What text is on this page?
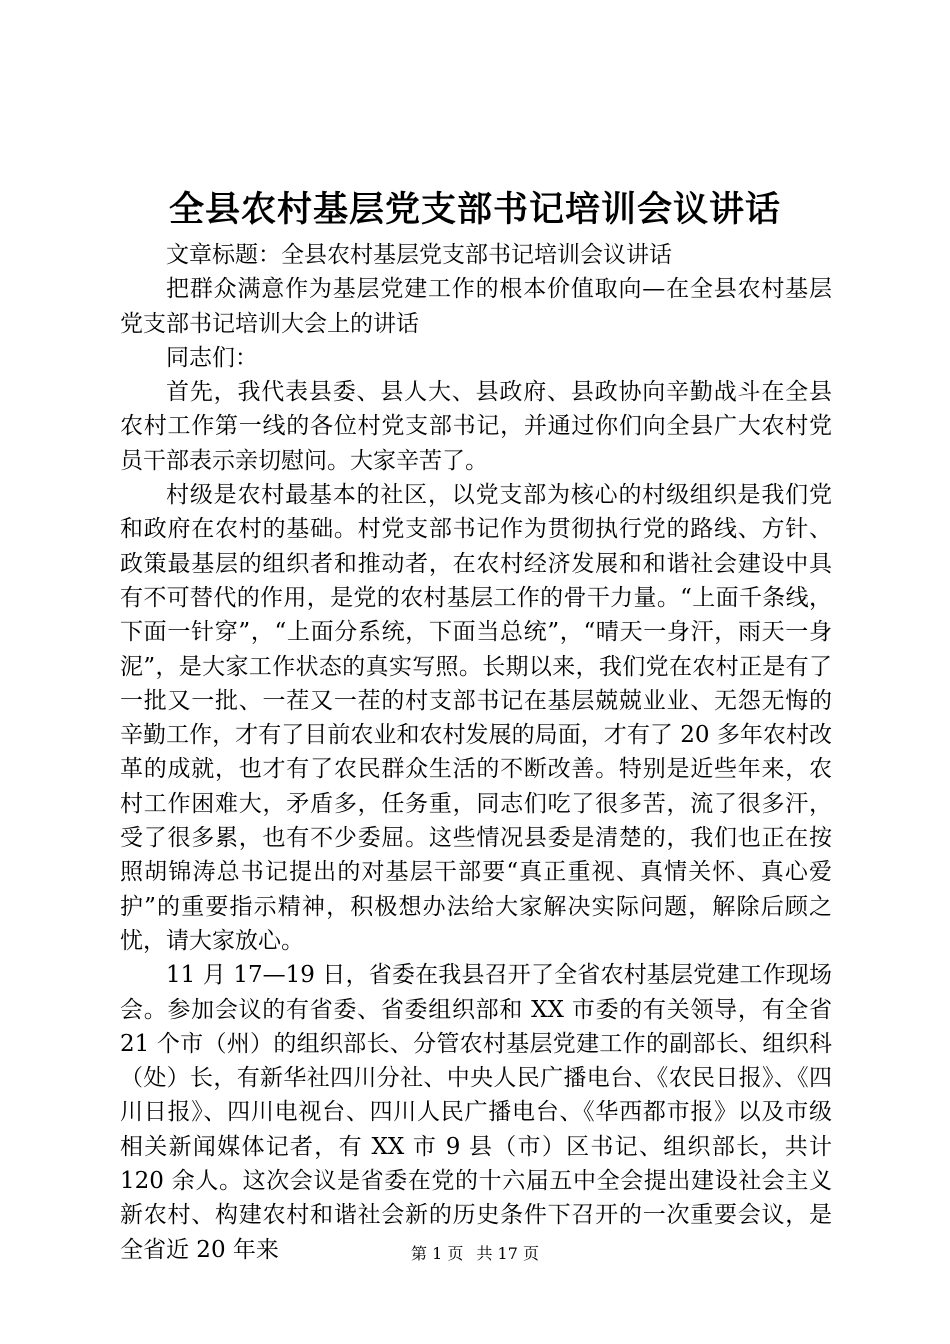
全县农村基层党支部书记培训会议讲话

文章标题：全县农村基层党支部书记培训会议讲话

把群众满意作为基层党建工作的根本价值取向—在全县农村基层党支部书记培训大会上的讲话

同志们：

首先，我代表县委、县人大、县政府、县政协向辛勤战斗在全县农村工作第一线的各位村党支部书记，并通过你们向全县广大农村党员干部表示亲切慰问。大家辛苦了。

村级是农村最基本的社区，以党支部为核心的村级组织是我们党和政府在农村的基础。村党支部书记作为贯彻执行党的路线、方针、政策最基层的组织者和推动者，在农村经济发展和和谐社会建设中具有不可替代的作用，是党的农村基层工作的骨干力量。“上面千条线，下面一针穿”，“上面分系统，下面当总统”，“晴天一身汗，雨天一身泥”，是大家工作状态的真实写照。长期以来，我们党在农村正是有了一批又一批、一茬又一茬的村支部书记在基层兢兢业业、无怨无悔的辛勤工作，才有了目前农业和农村发展的局面，才有了 20 多年农村改革的成就，也才有了农民群众生活的不断改善。特别是近些年来，农村工作困难大，矛盾多，任务重，同志们吃了很多苦，流了很多汗，受了很多累，也有不少委屈。这些情况县委是清楚的，我们也正在按照胡锦涛总书记提出的对基层干部要“真正重视、真情关怀、真心爱护”的重要指示精神，积极想办法给大家解决实际问题，解除后顾之忧，请大家放心。

11 月 17—19 日，省委在我县召开了全省农村基层党建工作现场会。参加会议的有省委、省委组织部和 XX 市委的有关领导，有全省 21 个市（州）的组织部长、分管农村基层党建工作的副部长、组织科（处）长，有新华社四川分社、中央人民广播电台、《农民日报》、《四川日报》、四川电视台、四川人民广播电台、《华西都市报》以及市级相关新闻媒体记者，有 XX 市 9 县（市）区书记、组织部长，共计 120 余人。这次会议是省委在党的十六届五中全会提出建设社会主义新农村、构建农村和谐社会新的历史条件下召开的一次重要会议，是全省近 20 年来	第 1 页 共 17 页
